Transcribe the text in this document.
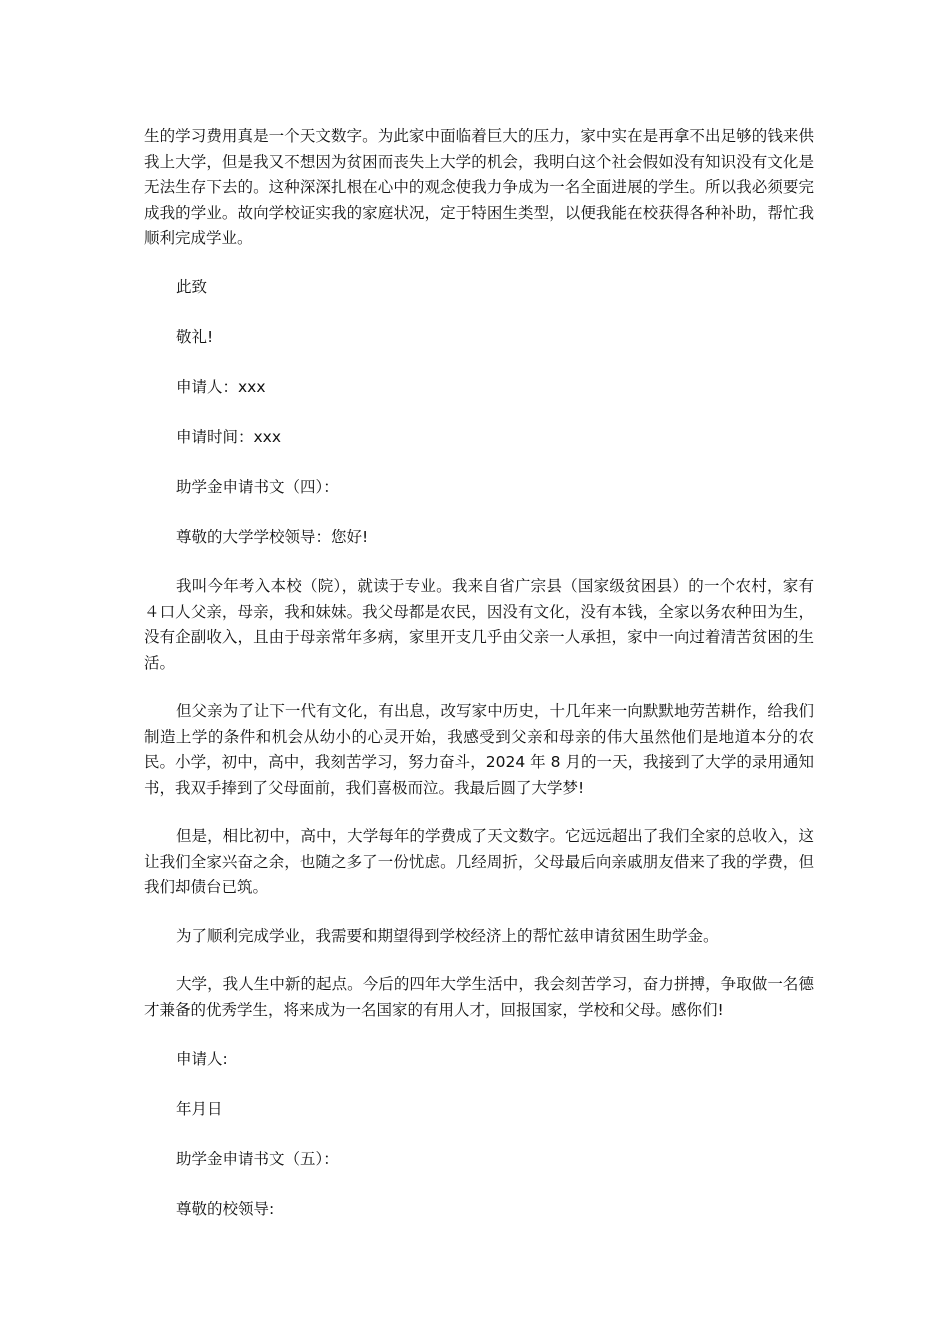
生的学习费用真是一个天文数字。为此家中面临着巨大的压力，家中实在是再拿不出足够的钱来供我上大学，但是我又不想因为贫困而丧失上大学的机会，我明白这个社会假如没有知识没有文化是无法生存下去的。这种深深扎根在心中的观念使我力争成为一名全面进展的学生。所以我必须要完成我的学业。故向学校证实我的家庭状况，定于特困生类型，以便我能在校获得各种补助，帮忙我顺利完成学业。

此致

敬礼!

申请人：xxx

申请时间：xxx

助学金申请书文（四）：

尊敬的大学学校领导：您好!

我叫今年考入本校（院），就读于专业。我来自省广宗县（国家级贫困县）的一个农村，家有４口人父亲，母亲，我和妹妹。我父母都是农民，因没有文化，没有本钱，全家以务农种田为生，没有企副收入，且由于母亲常年多病，家里开支几乎由父亲一人承担，家中一向过着清苦贫困的生活。

但父亲为了让下一代有文化，有出息，改写家中历史，十几年来一向默默地劳苦耕作，给我们制造上学的条件和机会从幼小的心灵开始，我感受到父亲和母亲的伟大虽然他们是地道本分的农民。小学，初中，高中，我刻苦学习，努力奋斗，2024 年 8 月的一天，我接到了大学的录用通知书，我双手捧到了父母面前，我们喜极而泣。我最后圆了大学梦!

但是，相比初中，高中，大学每年的学费成了天文数字。它远远超出了我们全家的总收入，这让我们全家兴奋之余，也随之多了一份忧虑。几经周折，父母最后向亲戚朋友借来了我的学费，但我们却债台已筑。

为了顺利完成学业，我需要和期望得到学校经济上的帮忙兹申请贫困生助学金。

大学，我人生中新的起点。今后的四年大学生活中，我会刻苦学习，奋力拼搏，争取做一名德才兼备的优秀学生，将来成为一名国家的有用人才，回报国家，学校和父母。感你们!

申请人:

年月日

助学金申请书文（五）：

尊敬的校领导:
